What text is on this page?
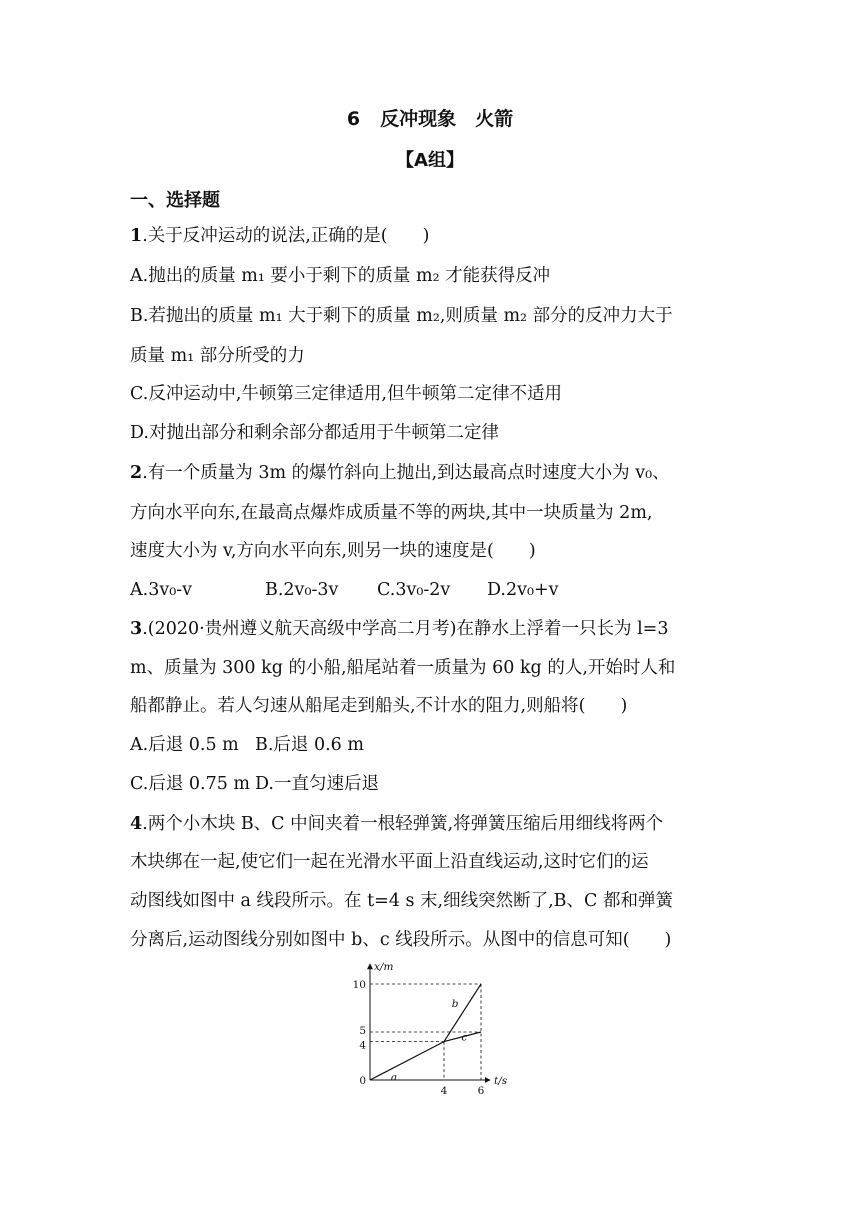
6 反冲现象　火箭
【A组】
一、选择题
1.关于反冲运动的说法,正确的是(　　)
A.抛出的质量 m₁ 要小于剩下的质量 m₂ 才能获得反冲
B.若抛出的质量 m₁ 大于剩下的质量 m₂,则质量 m₂ 部分的反冲力大于
质量 m₁ 部分所受的力
C.反冲运动中,牛顿第三定律适用,但牛顿第二定律不适用
D.对抛出部分和剩余部分都适用于牛顿第二定律
2.有一个质量为 3m 的爆竹斜向上抛出,到达最高点时速度大小为 v₀、
方向水平向东,在最高点爆炸成质量不等的两块,其中一块质量为 2m,
速度大小为 v,方向水平向东,则另一块的速度是(　　)
A.3v₀-v	B.2v₀-3v C.3v₀-2v D.2v₀+v
3.(2020·贵州遵义航天高级中学高二月考)在静水上浮着一只长为 l=3
m、质量为 300 kg 的小船,船尾站着一质量为 60 kg 的人,开始时人和
船都静止。若人匀速从船尾走到船头,不计水的阻力,则船将(　　)
A.后退 0.5 m B.后退 0.6 m
C.后退 0.75 m D.一直匀速后退
4.两个小木块 B、C 中间夹着一根轻弹簧,将弹簧压缩后用细线将两个
木块绑在一起,使它们一起在光滑水平面上沿直线运动,这时它们的运
动图线如图中 a 线段所示。在 t=4 s 末,细线突然断了,B、C 都和弹簧
分离后,运动图线分别如图中 b、c 线段所示。从图中的信息可知(　　)
x/m
t/s
0
10
5
4
4	6
a
b
c
